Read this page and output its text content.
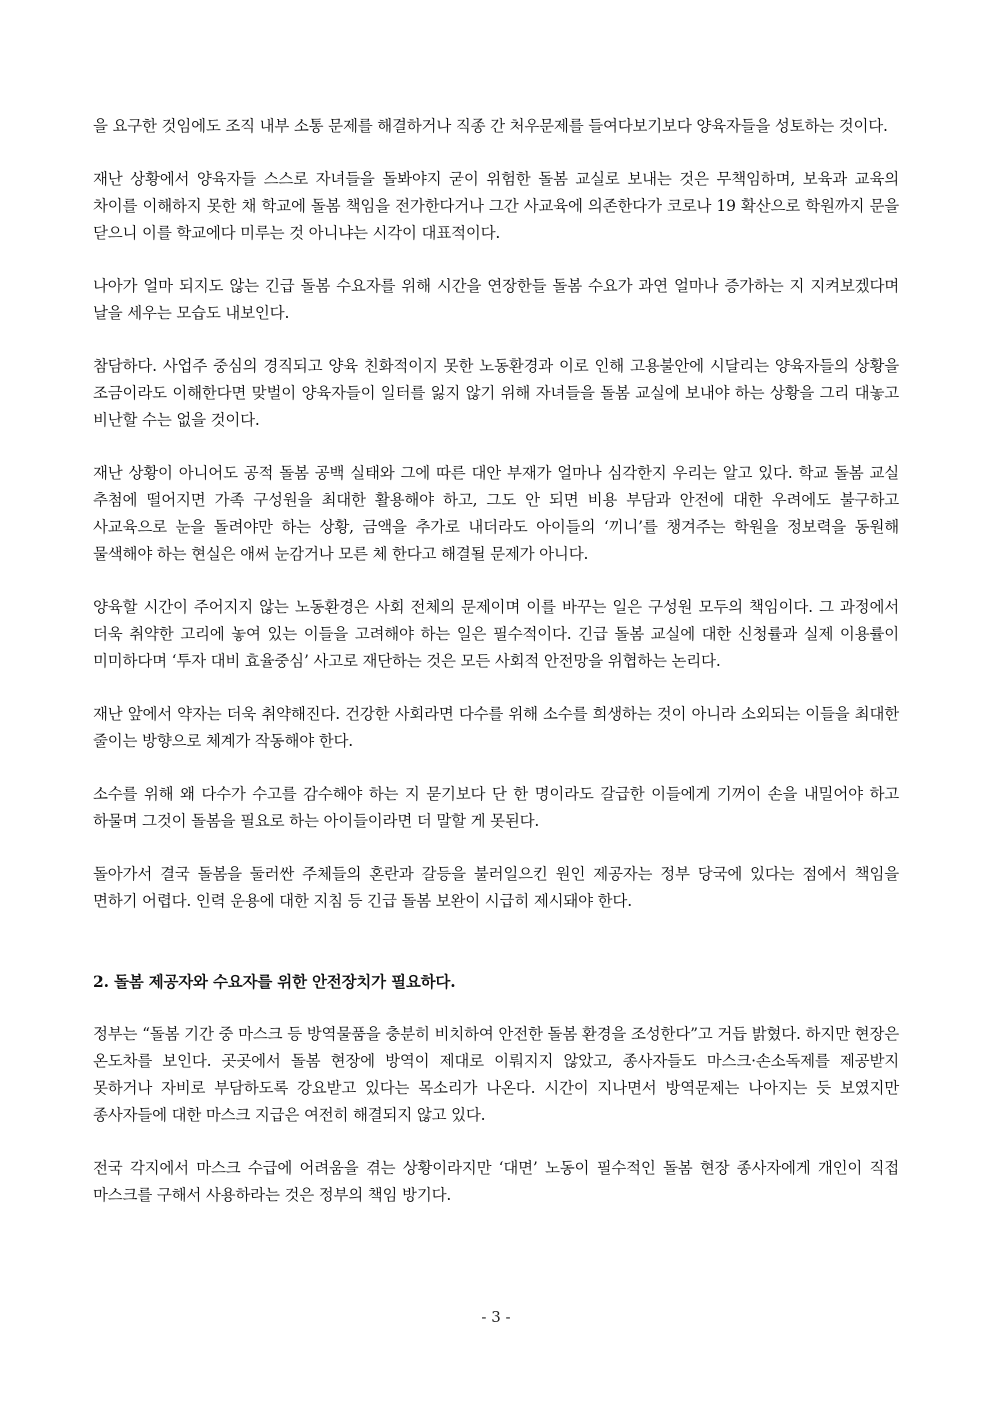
을 요구한 것임에도 조직 내부 소통 문제를 해결하거나 직종 간 처우문제를 들여다보기보다 양육자들을 성토하는 것이다.

재난 상황에서 양육자들 스스로 자녀들을 돌봐야지 굳이 위험한 돌봄 교실로 보내는 것은 무책임하며, 보육과 교육의 차이를 이해하지 못한 채 학교에 돌봄 책임을 전가한다거나 그간 사교육에 의존한다가 코로나 19 확산으로 학원까지 문을 닫으니 이를 학교에다 미루는 것 아니냐는 시각이 대표적이다.

나아가 얼마 되지도 않는 긴급 돌봄 수요자를 위해 시간을 연장한들 돌봄 수요가 과연 얼마나 증가하는 지 지켜보겠다며 날을 세우는 모습도 내보인다.

참담하다. 사업주 중심의 경직되고 양육 친화적이지 못한 노동환경과 이로 인해 고용불안에 시달리는 양육자들의 상황을 조금이라도 이해한다면 맞벌이 양육자들이 일터를 잃지 않기 위해 자녀들을 돌봄 교실에 보내야 하는 상황을 그리 대놓고 비난할 수는 없을 것이다.

재난 상황이 아니어도 공적 돌봄 공백 실태와 그에 따른 대안 부재가 얼마나 심각한지 우리는 알고 있다. 학교 돌봄 교실 추첨에 떨어지면 가족 구성원을 최대한 활용해야 하고, 그도 안 되면 비용 부담과 안전에 대한 우려에도 불구하고 사교육으로 눈을 돌려야만 하는 상황, 금액을 추가로 내더라도 아이들의 ‘끼니’를 챙겨주는 학원을 정보력을 동원해 물색해야 하는 현실은 애써 눈감거나 모른 체 한다고 해결될 문제가 아니다.

양육할 시간이 주어지지 않는 노동환경은 사회 전체의 문제이며 이를 바꾸는 일은 구성원 모두의 책임이다. 그 과정에서 더욱 취약한 고리에 놓여 있는 이들을 고려해야 하는 일은 필수적이다. 긴급 돌봄 교실에 대한 신청률과 실제 이용률이 미미하다며 ‘투자 대비 효율중심’ 사고로 재단하는 것은 모든 사회적 안전망을 위협하는 논리다.

재난 앞에서 약자는 더욱 취약해진다. 건강한 사회라면 다수를 위해 소수를 희생하는 것이 아니라 소외되는 이들을 최대한 줄이는 방향으로 체계가 작동해야 한다.

소수를 위해 왜 다수가 수고를 감수해야 하는 지 묻기보다 단 한 명이라도 갈급한 이들에게 기꺼이 손을 내밀어야 하고 하물며 그것이 돌봄을 필요로 하는 아이들이라면 더 말할 게 못된다.

돌아가서 결국 돌봄을 둘러싼 주체들의 혼란과 갈등을 불러일으킨 원인 제공자는 정부 당국에 있다는 점에서 책임을 면하기 어렵다. 인력 운용에 대한 지침 등 긴급 돌봄 보완이 시급히 제시돼야 한다.

2. 돌봄 제공자와 수요자를 위한 안전장치가 필요하다.

정부는 “돌봄 기간 중 마스크 등 방역물품을 충분히 비치하여 안전한 돌봄 환경을 조성한다”고 거듭 밝혔다. 하지만 현장은 온도차를 보인다. 곳곳에서 돌봄 현장에 방역이 제대로 이뤄지지 않았고, 종사자들도 마스크·손소독제를 제공받지 못하거나 자비로 부담하도록 강요받고 있다는 목소리가 나온다. 시간이 지나면서 방역문제는 나아지는 듯 보였지만 종사자들에 대한 마스크 지급은 여전히 해결되지 않고 있다.

전국 각지에서 마스크 수급에 어려움을 겪는 상황이라지만 ‘대면’ 노동이 필수적인 돌봄 현장 종사자에게 개인이 직접 마스크를 구해서 사용하라는 것은 정부의 책임 방기다.

- 3 -
